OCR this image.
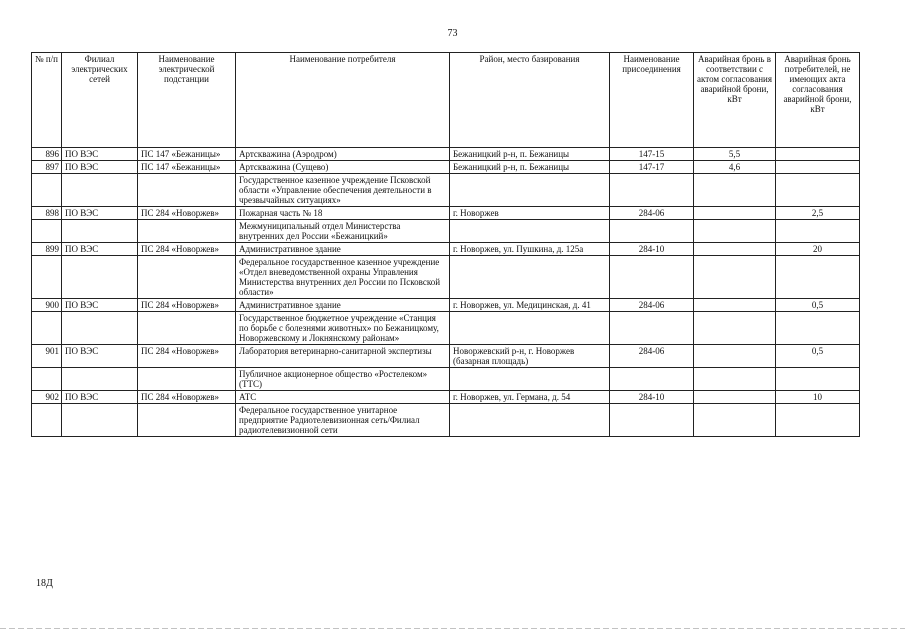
73
№ п/п	Филиал электрических сетей	Наименование электрической подстанции	Наименование потребителя	Район, место базирования	Наименование присоединения	Аварийная бронь в соответствии с актом согласования аварийной брони, кВт	Аварийная бронь потребителей, не имеющих акта согласования аварийной брони, кВт
896	ПО ВЭС	ПС 147 «Бежаницы»	Артскважина (Аэродром)	Бежаницкий р-н, п. Бежаницы	147-15	5,5	
897	ПО ВЭС	ПС 147 «Бежаницы»	Артскважина (Сущево)	Бежаницкий р-н, п. Бежаницы	147-17	4,6	
			Государственное казенное учреждение Псковской области «Управление обеспечения деятельности в чрезвычайных ситуациях»				
898	ПО ВЭС	ПС 284 «Новоржев»	Пожарная часть № 18	г. Новоржев	284-06		2,5
			Межмуниципальный отдел Министерства внутренних дел России «Бежаницкий»				
899	ПО ВЭС	ПС 284 «Новоржев»	Административное здание	г. Новоржев, ул. Пушкина, д. 125а	284-10		20
			Федеральное государственное казенное учреждение «Отдел вневедомственной охраны Управления Министерства внутренних дел России по Псковской области»				
900	ПО ВЭС	ПС 284 «Новоржев»	Административное здание	г. Новоржев, ул. Медицинская, д. 41	284-06		0,5
			Государственное бюджетное учреждение «Станция по борьбе с болезнями животных» по Бежаницкому, Новоржевскому и Локнянскому районам»				
901	ПО ВЭС	ПС 284 «Новоржев»	Лаборатория ветеринарно-санитарной экспертизы	Новоржевский р-н, г. Новоржев (базарная площадь)	284-06		0,5
			Публичное акционерное общество «Ростелеком» (ТТС)				
902	ПО ВЭС	ПС 284 «Новоржев»	АТС	г. Новоржев, ул. Германа, д. 54	284-10		10
			Федеральное государственное унитарное предприятие Радиотелевизионная сеть/Филиал радиотелевизионной сети				
18Д
